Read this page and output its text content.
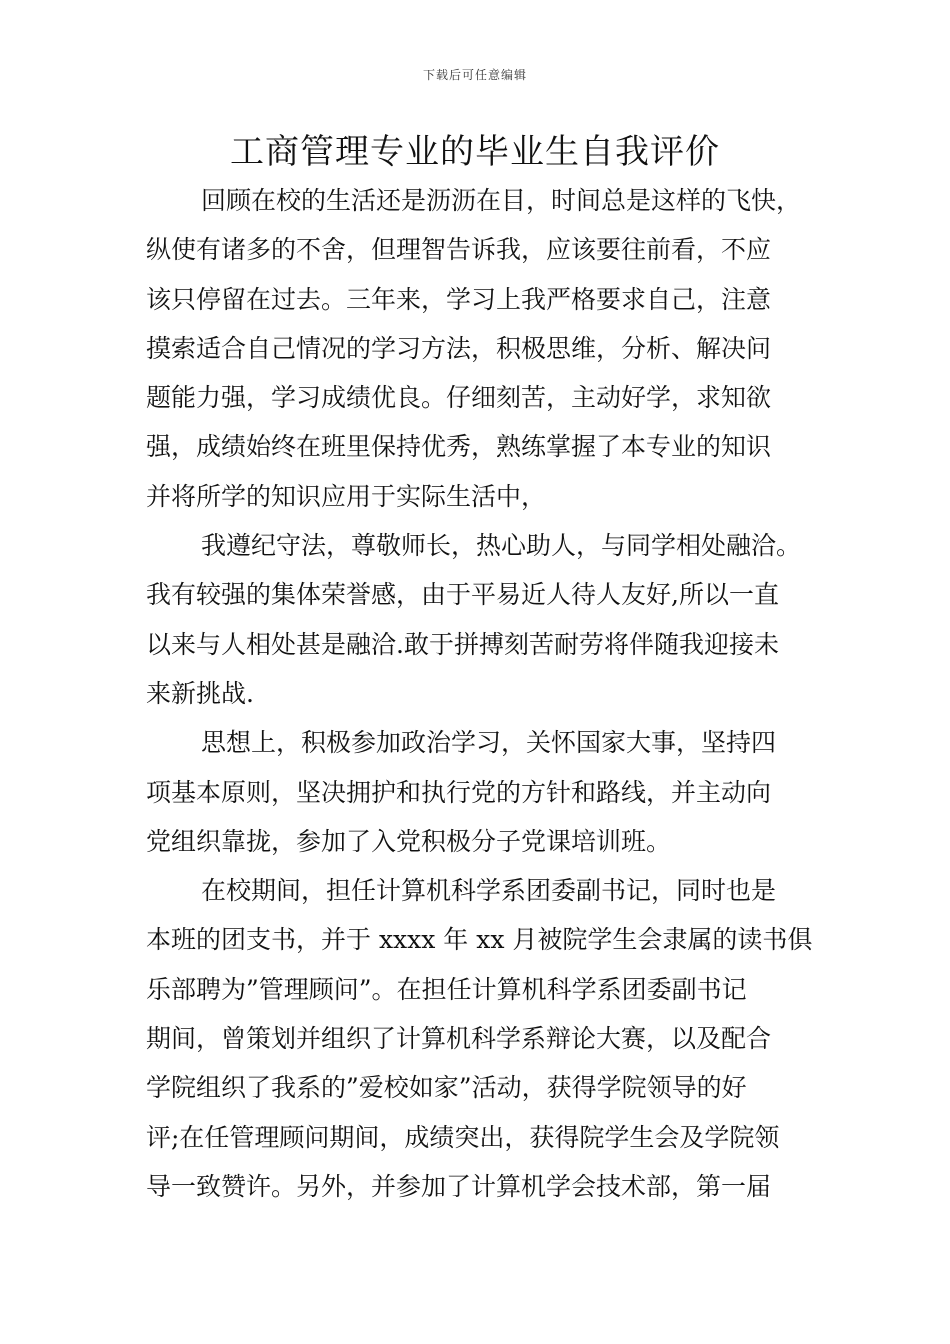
下载后可任意编辑
工商管理专业的毕业生自我评价
回顾在校的生活还是沥沥在目，时间总是这样的飞快，
纵使有诸多的不舍，但理智告诉我，应该要往前看，不应
该只停留在过去。三年来，学习上我严格要求自己，注意
摸索适合自己情况的学习方法，积极思维，分析、解决问
题能力强，学习成绩优良。仔细刻苦，主动好学，求知欲
强，成绩始终在班里保持优秀，熟练掌握了本专业的知识
并将所学的知识应用于实际生活中，
我遵纪守法，尊敬师长，热心助人，与同学相处融洽。
我有较强的集体荣誉感，由于平易近人待人友好,所以一直
以来与人相处甚是融洽.敢于拼搏刻苦耐劳将伴随我迎接未
来新挑战.
思想上，积极参加政治学习，关怀国家大事，坚持四
项基本原则，坚决拥护和执行党的方针和路线，并主动向
党组织靠拢，参加了入党积极分子党课培训班。
在校期间，担任计算机科学系团委副书记，同时也是
本班的团支书，并于 xxxx 年 xx 月被院学生会隶属的读书俱
乐部聘为”管理顾问”。在担任计算机科学系团委副书记
期间，曾策划并组织了计算机科学系辩论大赛，以及配合
学院组织了我系的”爱校如家”活动，获得学院领导的好
评;在任管理顾问期间，成绩突出，获得院学生会及学院领
导一致赞许。另外，并参加了计算机学会技术部，第一届
